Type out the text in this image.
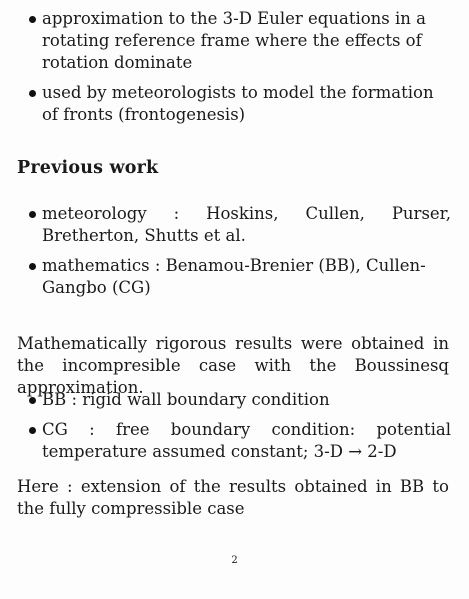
approximation to the 3-D Euler equations in a rotating reference frame where the effects of rotation dominate
used by meteorologists to model the formation of fronts (frontogenesis)
Previous work
meteorology : Hoskins, Cullen, Purser, Bretherton, Shutts et al.
mathematics : Benamou-Brenier (BB), Cullen-Gangbo (CG)

Mathematically rigorous results were obtained in the incompresible case with the Boussinesq approximation.

BB : rigid wall boundary condition
CG : free boundary condition: potential temperature assumed constant; 3-D → 2-D

Here : extension of the results obtained in BB to the fully compressible case

2
